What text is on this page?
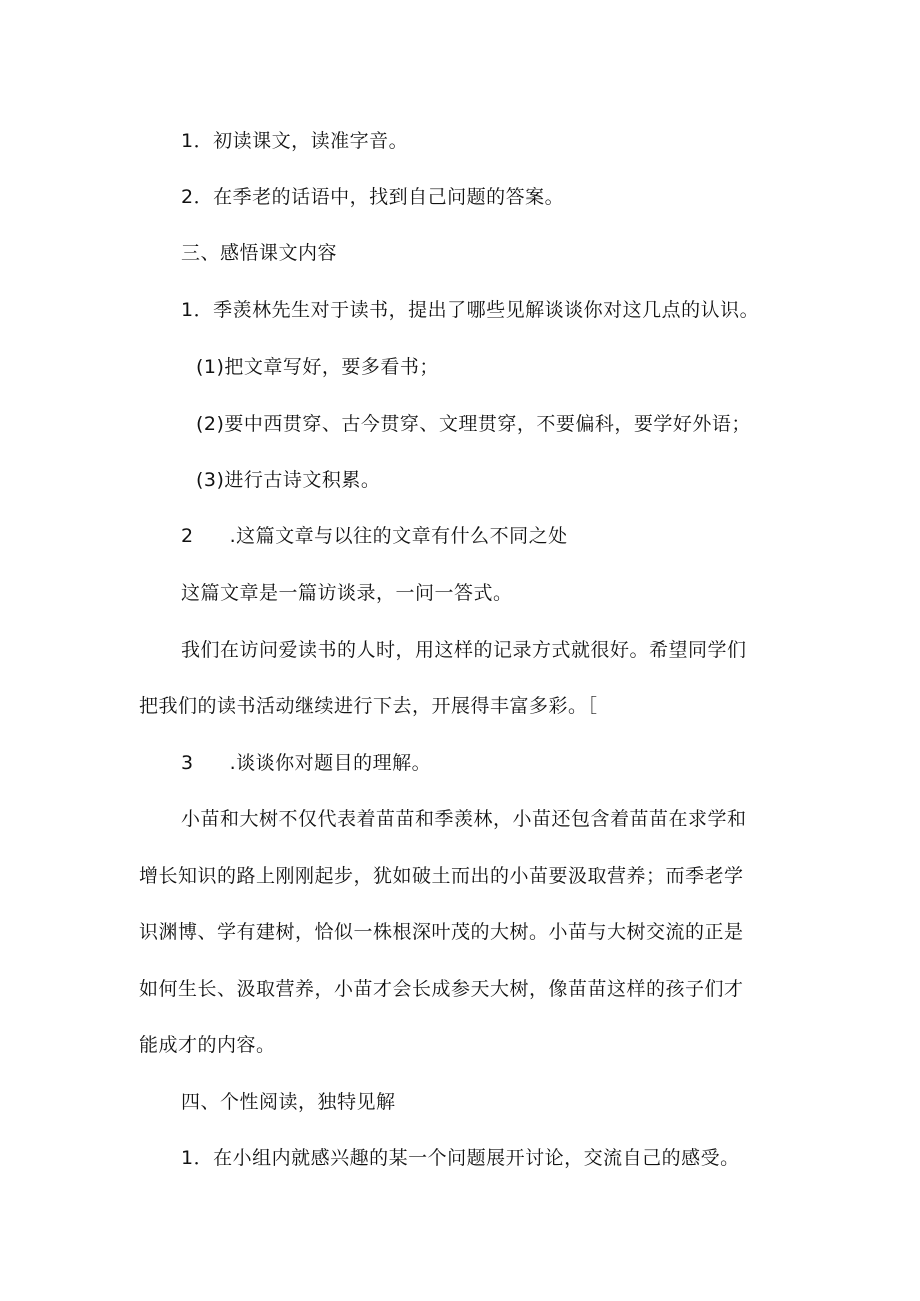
1．初读课文，读准字音。
2．在季老的话语中，找到自己问题的答案。
三、感悟课文内容
1．季羡林先生对于读书，提出了哪些见解谈谈你对这几点的认识。
(1)把文章写好，要多看书；
(2)要中西贯穿、古今贯穿、文理贯穿，不要偏科，要学好外语；
(3)进行古诗文积累。
2 .这篇文章与以往的文章有什么不同之处
这篇文章是一篇访谈录，一问一答式。
我们在访问爱读书的人时，用这样的记录方式就很好。希望同学们
把我们的读书活动继续进行下去，开展得丰富多彩。［
3 .谈谈你对题目的理解。
小苗和大树不仅代表着苗苗和季羡林，小苗还包含着苗苗在求学和
增长知识的路上刚刚起步，犹如破土而出的小苗要汲取营养；而季老学
识渊博、学有建树，恰似一株根深叶茂的大树。小苗与大树交流的正是
如何生长、汲取营养，小苗才会长成参天大树，像苗苗这样的孩子们才
能成才的内容。
四、个性阅读，独特见解
1．在小组内就感兴趣的某一个问题展开讨论，交流自己的感受。
